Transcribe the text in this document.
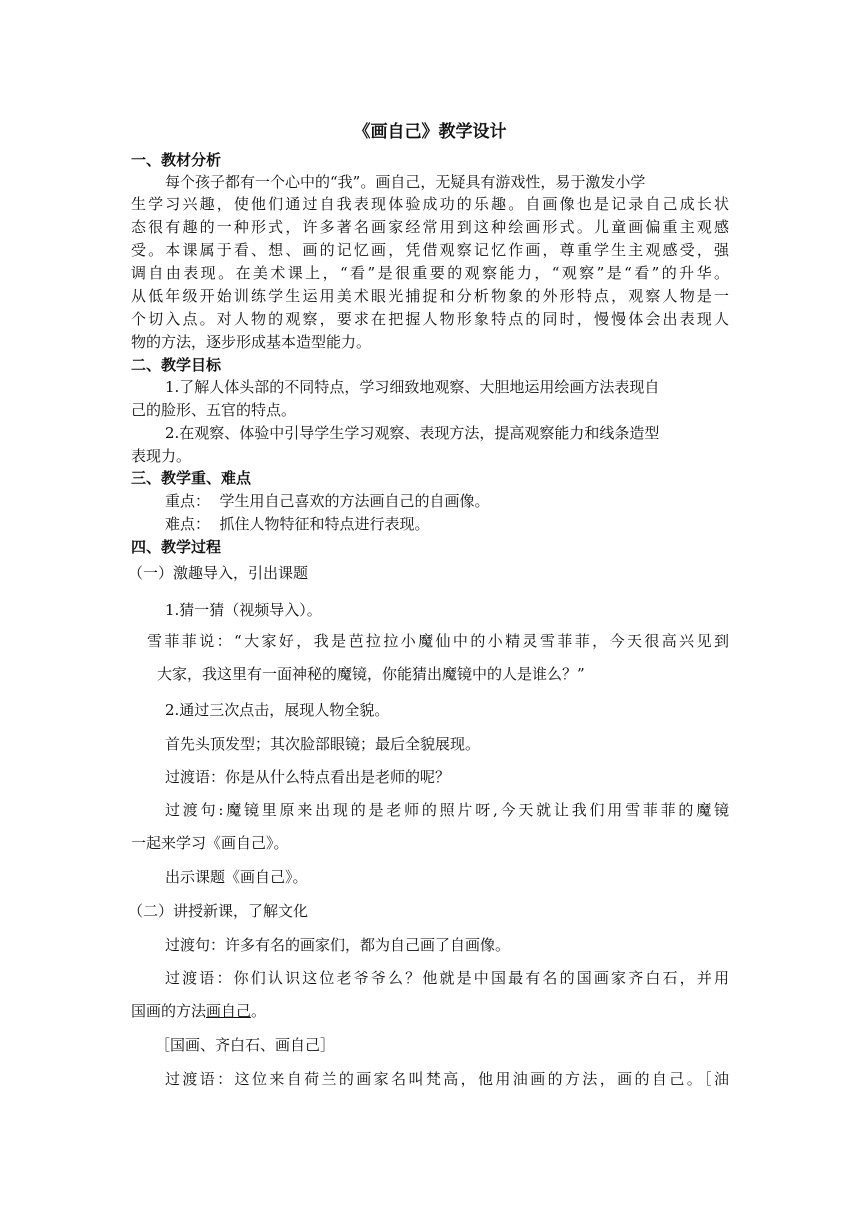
《画自己》教学设计
一、教材分析
每个孩子都有一个心中的“我”。画自己，无疑具有游戏性，易于激发小学
生学习兴趣，使他们通过自我表现体验成功的乐趣。自画像也是记录自己成长状
态很有趣的一种形式，许多著名画家经常用到这种绘画形式。儿童画偏重主观感
受。本课属于看、想、画的记忆画，凭借观察记忆作画，尊重学生主观感受，强
调自由表现。在美术课上，“看”是很重要的观察能力，“观察”是“看”的升华。
从低年级开始训练学生运用美术眼光捕捉和分析物象的外形特点，观察人物是一
个切入点。对人物的观察，要求在把握人物形象特点的同时，慢慢体会出表现人
物的方法，逐步形成基本造型能力。
二、教学目标
1.了解人体头部的不同特点，学习细致地观察、大胆地运用绘画方法表现自
己的脸形、五官的特点。
2.在观察、体验中引导学生学习观察、表现方法，提高观察能力和线条造型
表现力。
三、教学重、难点
重点：  学生用自己喜欢的方法画自己的自画像。
难点：  抓住人物特征和特点进行表现。
四、教学过程
（一）激趣导入，引出课题
1.猜一猜（视频导入）。
雪菲菲说：“大家好，我是芭拉拉小魔仙中的小精灵雪菲菲，今天很高兴见到
大家，我这里有一面神秘的魔镜，你能猜出魔镜中的人是谁么？”
2.通过三次点击，展现人物全貌。
首先头顶发型；其次脸部眼镜；最后全貌展现。
过渡语：你是从什么特点看出是老师的呢？
过渡句:魔镜里原来出现的是老师的照片呀,今天就让我们用雪菲菲的魔镜
一起来学习《画自己》。
出示课题《画自己》。
（二）讲授新课，了解文化
过渡句：许多有名的画家们，都为自己画了自画像。
过渡语：你们认识这位老爷爷么？他就是中国最有名的国画家齐白石，并用
国画的方法画自己。
［国画、齐白石、画自己］
过渡语：这位来自荷兰的画家名叫梵高，他用油画的方法，画的自己。［油
